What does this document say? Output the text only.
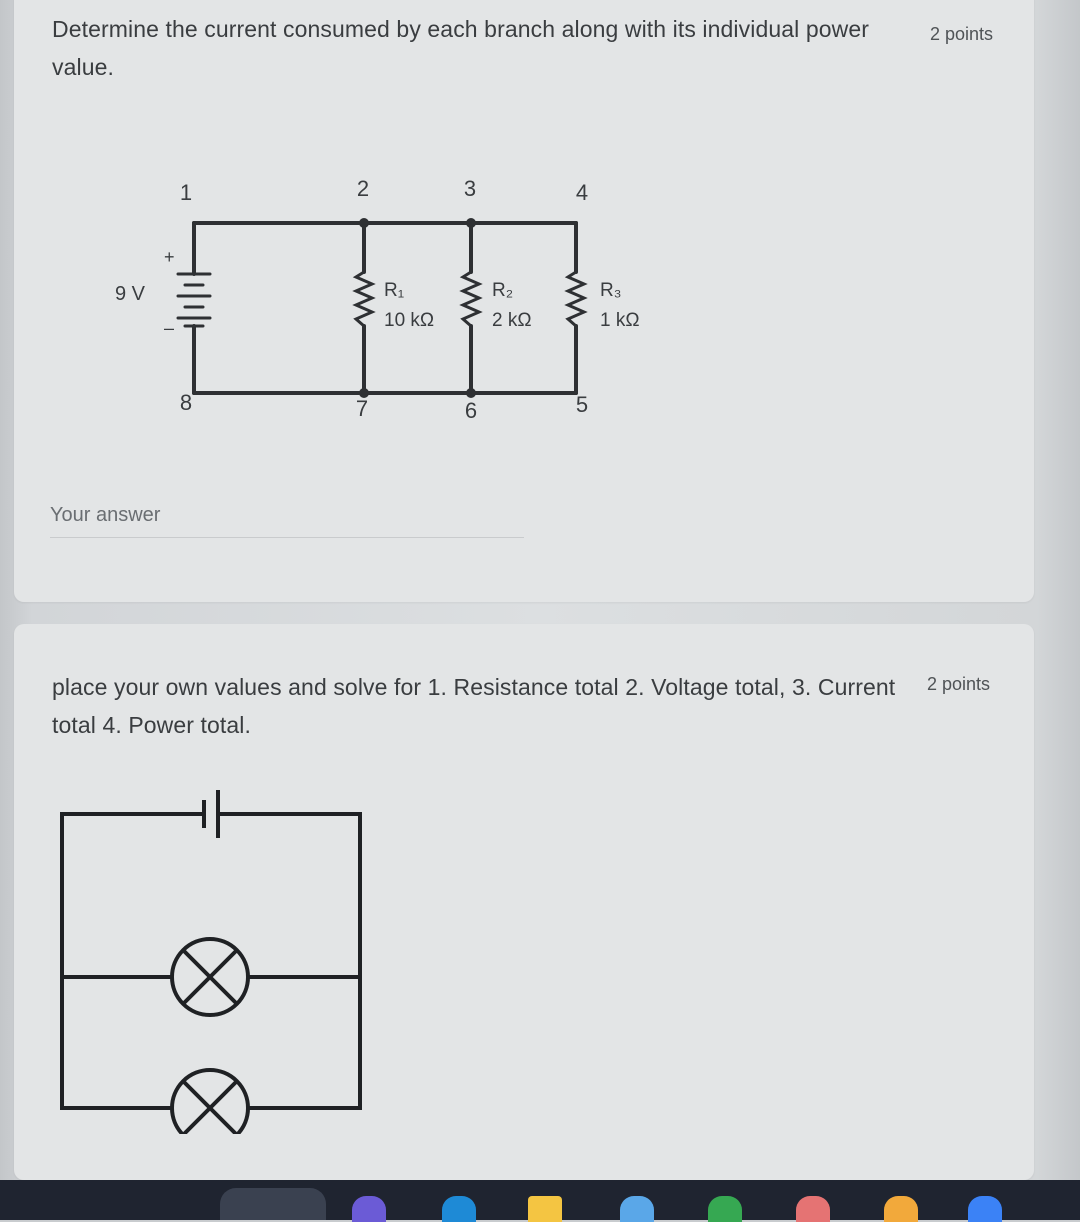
Determine the current consumed by each branch along with its individual power value.
2 points
1	2	3	4
5
6
7
8
9 V
+
–
R₁
10 kΩ
R₂
2 kΩ
R₃
1 kΩ
Your answer
place your own values and solve for 1. Resistance total 2. Voltage total, 3. Current total 4. Power total.
2 points
